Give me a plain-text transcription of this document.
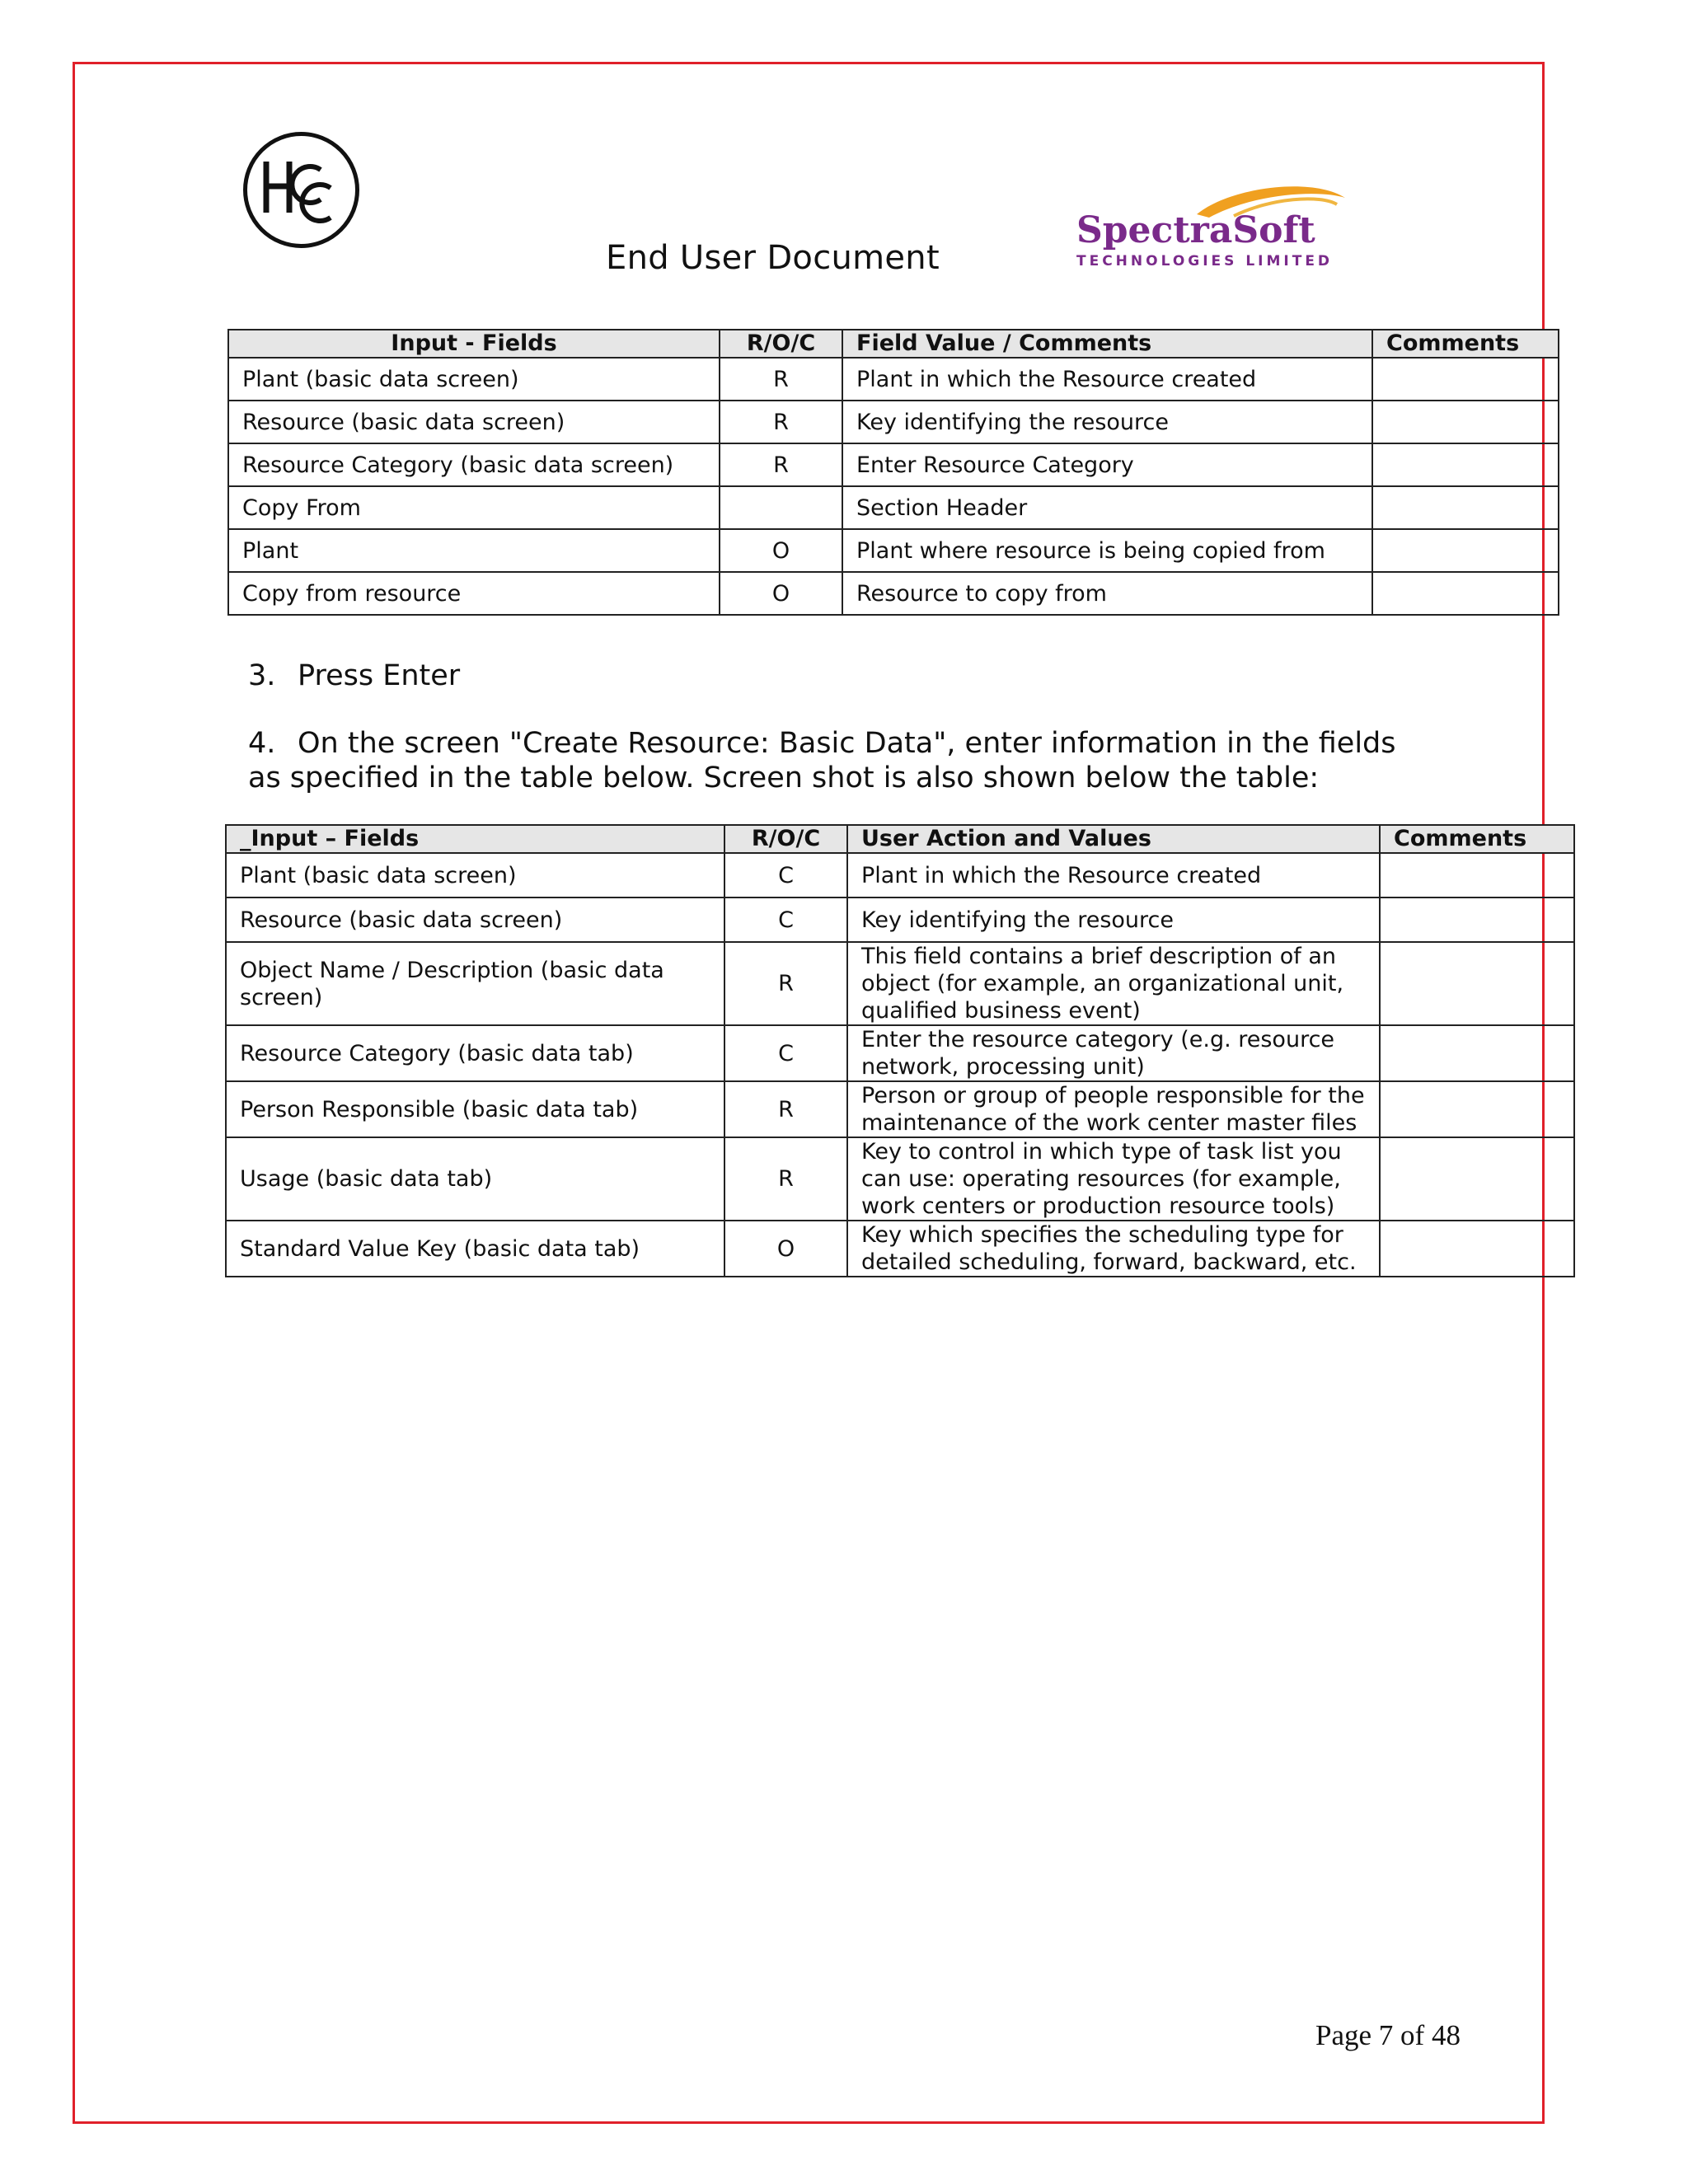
SpectraSoft
TECHNOLOGIES LIMITED
End User Document
Input - Fields	R/O/C	Field Value / Comments	Comments
Plant (basic data screen)	R	Plant in which the Resource created	
Resource (basic data screen)	R	Key identifying the resource	
Resource Category (basic data screen)	R	Enter Resource Category	
Copy From		Section Header	
Plant	O	Plant where resource is being copied from	
Copy from resource	O	Resource to copy from	
3. Press Enter
4. On the screen "Create Resource: Basic Data", enter information in the fields
as specified in the table below. Screen shot is also shown below the table:
_Input – Fields	R/O/C	User Action and Values	Comments
Plant (basic data screen)	C	Plant in which the Resource created	
Resource (basic data screen)	C	Key identifying the resource	
Object Name / Description (basic data screen)	R	This field contains a brief description of an object (for example, an organizational unit, qualified business event)	
Resource Category (basic data tab)	C	Enter the resource category (e.g. resource network, processing unit)	
Person Responsible (basic data tab)	R	Person or group of people responsible for the maintenance of the work center master files	
Usage (basic data tab)	R	Key to control in which type of task list you can use: operating resources (for example, work centers or production resource tools)	
Standard Value Key (basic data tab)	O	Key which specifies the scheduling type for detailed scheduling, forward, backward, etc.	
Page 7 of 48
